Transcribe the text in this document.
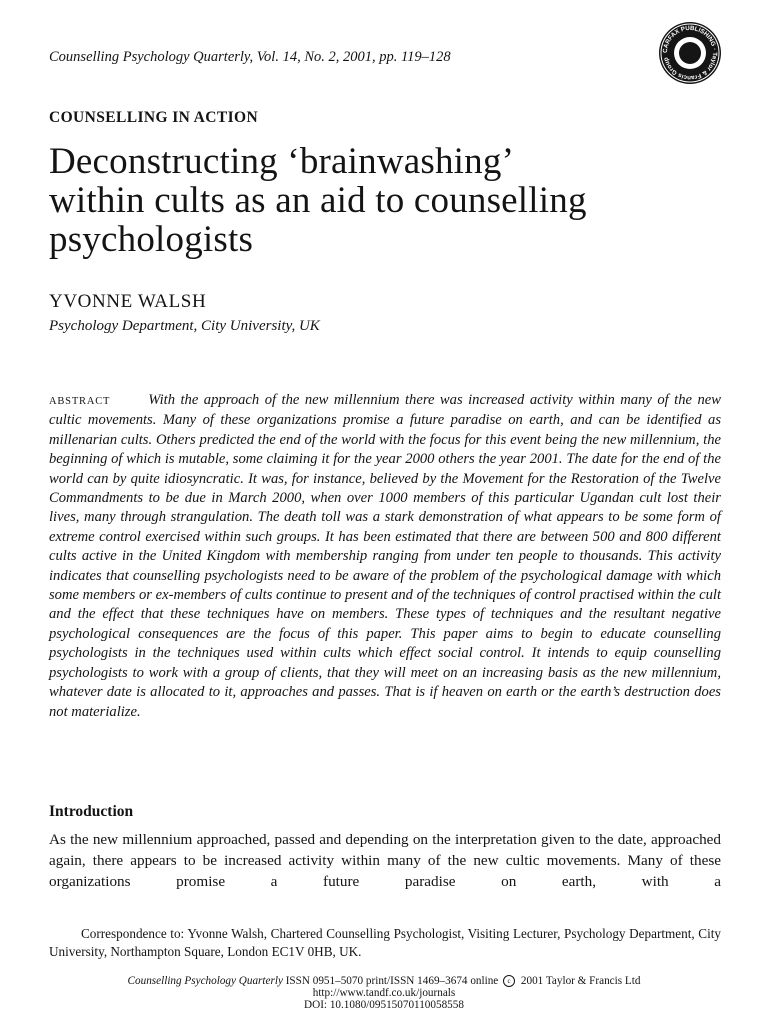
Counselling Psychology Quarterly, Vol. 14, No. 2, 2001, pp. 119–128	CARFAX PUBLISHING · Taylor & Francis Group
COUNSELLING IN ACTION
Deconstructing ‘brainwashing’
within cults as an aid to counselling
psychologists
YVONNE WALSH
Psychology Department, City University, UK

ABSTRACT	With the approach of the new millennium there was increased activity within many of the new cultic movements. Many of these organizations promise a future paradise on earth, and can be identified as millenarian cults. Others predicted the end of the world with the focus for this event being the new millennium, the beginning of which is mutable, some claiming it for the year 2000 others the year 2001. The date for the end of the world can by quite idiosyncratic. It was, for instance, believed by the Movement for the Restoration of the Twelve Commandments to be due in March 2000, when over 1000 members of this particular Ugandan cult lost their lives, many through strangulation. The death toll was a stark demonstration of what appears to be some form of extreme control exercised within such groups. It has been estimated that there are between 500 and 800 different cults active in the United Kingdom with membership ranging from under ten people to thousands. This activity indicates that counselling psychologists need to be aware of the problem of the psychological damage with which some members or ex-members of cults continue to present and of the techniques of control practised within the cult and the effect that these techniques have on members. These types of techniques and the resultant negative psychological consequences are the focus of this paper. This paper aims to begin to educate counselling psychologists in the techniques used within cults which effect social control. It intends to equip counselling psychologists to work with a group of clients, that they will meet on an increasing basis as the new millennium, whatever date is allocated to it, approaches and passes. That is if heaven on earth or the earth’s destruction does not materialize.

Introduction

As the new millennium approached, passed and depending on the interpretation given to the date, approached again, there appears to be increased activity within many of the new cultic movements. Many of these organizations promise a future paradise on earth, with a

Correspondence to: Yvonne Walsh, Chartered Counselling Psychologist, Visiting Lecturer, Psychology Department, City University, Northampton Square, London EC1V 0HB, UK.

Counselling Psychology Quarterly ISSN 0951–5070 print/ISSN 1469–3674 online c 2001 Taylor & Francis Ltd
http://www.tandf.co.uk/journals
DOI: 10.1080/09515070110058558
